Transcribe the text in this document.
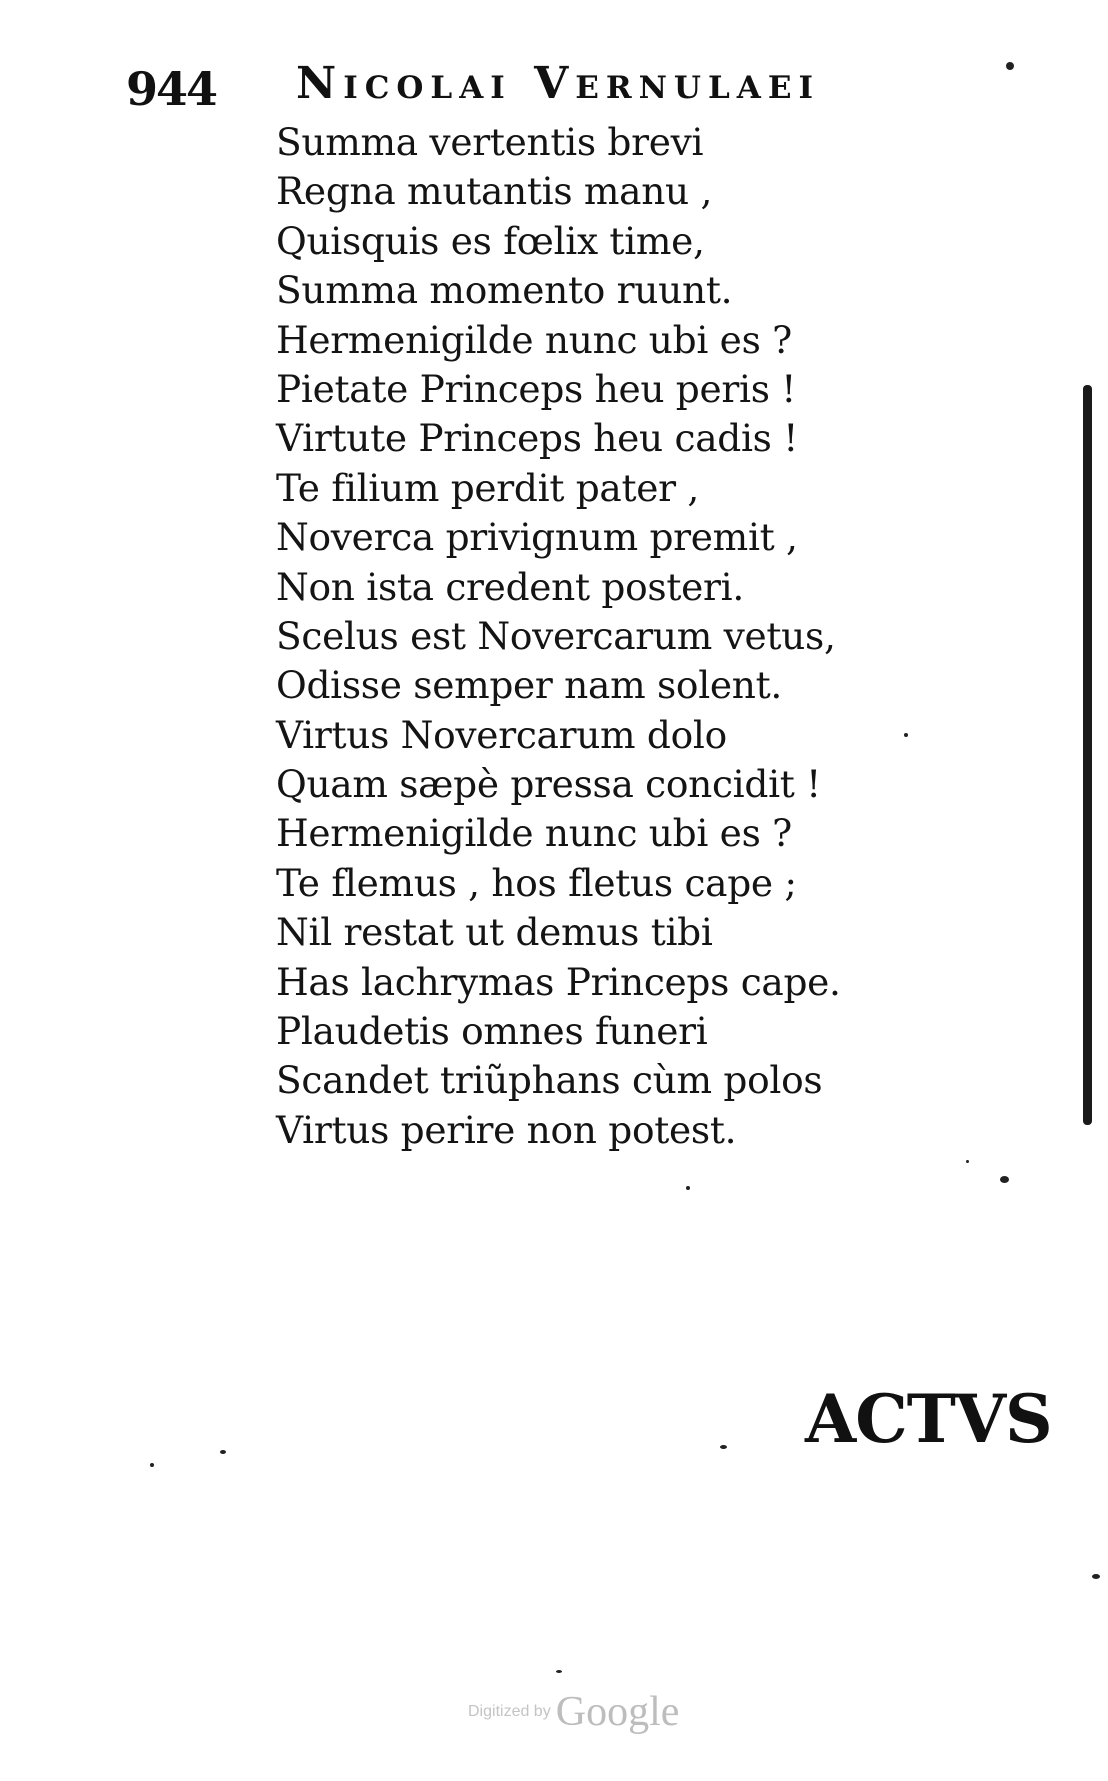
944 Nicolai Vernulaei
Summa vertentis brevi
Regna mutantis manu ,
Quisquis es fœlix time,
Summa momento ruunt.
Hermenigilde nunc ubi es ?
Pietate Princeps heu peris !
Virtute Princeps heu cadis !
Te filium perdit pater ,
Noverca privignum premit ,
Non ista credent posteri.
Scelus est Novercarum vetus,
Odisse semper nam solent.
Virtus Novercarum dolo
Quam sæpè pressa concidit !
Hermenigilde nunc ubi es ?
Te flemus , hos fletus cape ;
Nil restat ut demus tibi
Has lachrymas Princeps cape.
Plaudetis omnes funeri
Scandet triũphans cùm polos
Virtus perire non potest.
ACTVS
Digitized by Google
